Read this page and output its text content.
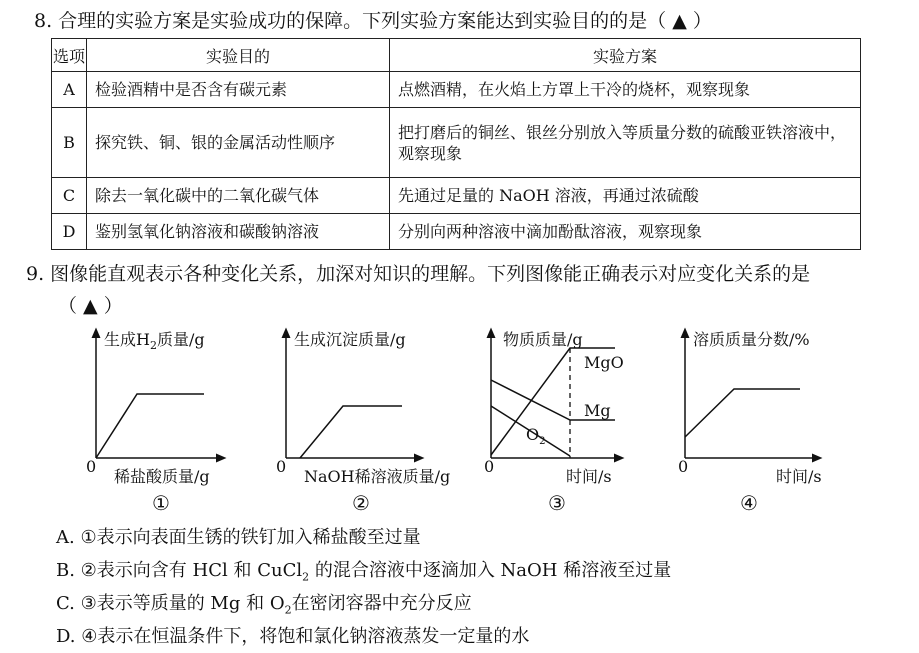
8. 合理的实验方案是实验成功的保障。下列实验方案能达到实验目的的是（ ▲ ）
选项	实验目的	实验方案
A	检验酒精中是否含有碳元素	点燃酒精，在火焰上方罩上干冷的烧杯，观察现象
B	探究铁、铜、银的金属活动性顺序	把打磨后的铜丝、银丝分别放入等质量分数的硫酸亚铁溶液中，观察现象
C	除去一氧化碳中的二氧化碳气体	先通过足量的 NaOH 溶液，再通过浓硫酸
D	鉴别氢氧化钠溶液和碳酸钠溶液	分别向两种溶液中滴加酚酞溶液，观察现象
9. 图像能直观表示各种变化关系，加深对知识的理解。下列图像能正确表示对应变化关系的是
（ ▲ ）
生成$H_2$质量/g
稀盐酸质量/g
0
①
生成沉淀质量/g
NaOH稀溶液质量/g
0
②
物质质量/g
MgO
Mg
$O_2$
时间/s
0
③
溶质质量分数/%
时间/s
0
④
A. ①表示向表面生锈的铁钉加入稀盐酸至过量
B. ②表示向含有 HCl 和 CuCl$_2$ 的混合溶液中逐滴加入 NaOH 稀溶液至过量
C. ③表示等质量的 Mg 和 $O_2$在密闭容器中充分反应
D. ④表示在恒温条件下，将饱和氯化钠溶液蒸发一定量的水
